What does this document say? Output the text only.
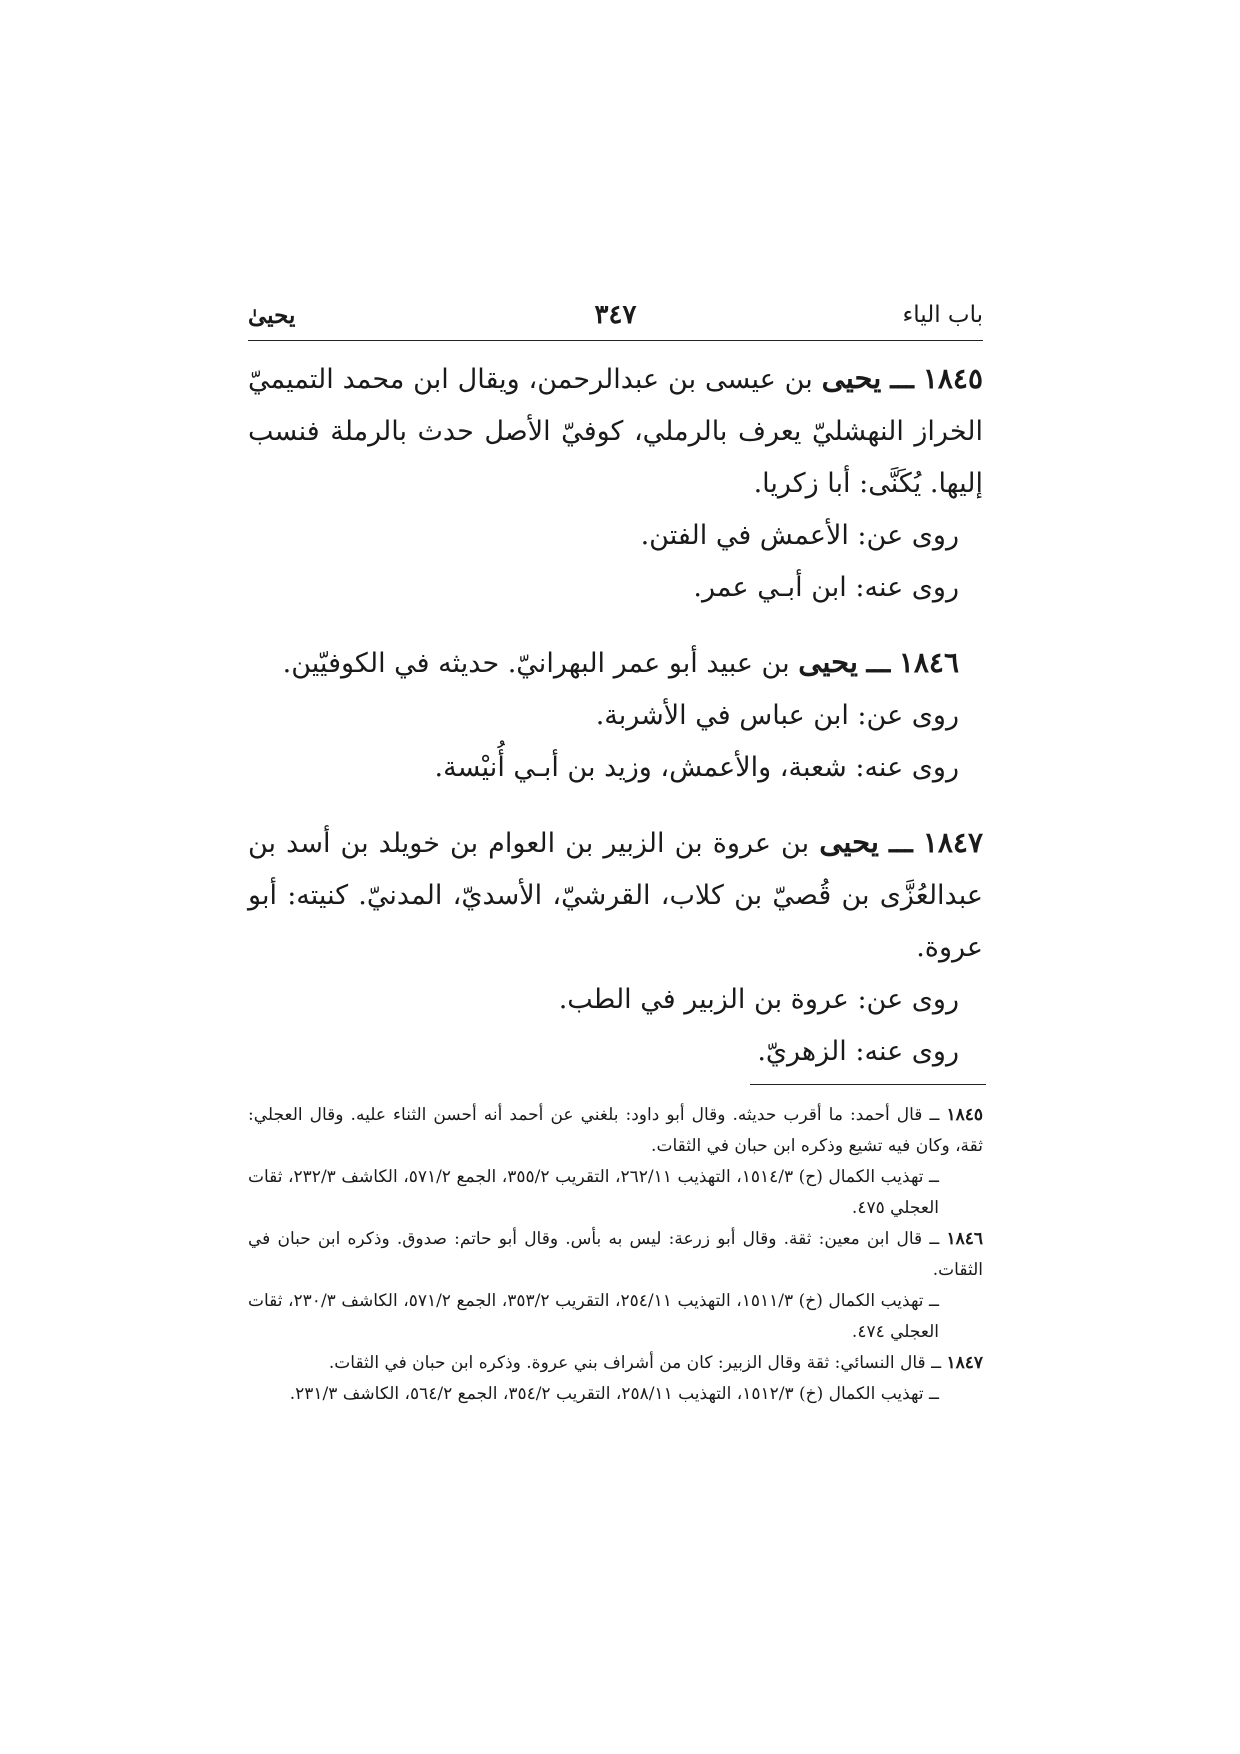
باب الياء
٣٤٧
يحيىٰ

١٨٤٥ ـــ يحيى بن عيسى بن عبدالرحمن، ويقال ابن محمد التميميّ الخراز النهشليّ يعرف بالرملي، كوفيّ الأصل حدث بالرملة فنسب إليها. يُكَنَّى: أبا زكريا.

روى عن: الأعمش في الفتن.

روى عنه: ابن أبـي عمر.

١٨٤٦ ـــ يحيى بن عبيد أبو عمر البهرانيّ. حديثه في الكوفيّين.

روى عن: ابن عباس في الأشربة.

روى عنه: شعبة، والأعمش، وزيد بن أبـي أُنيْسة.

١٨٤٧ ـــ يحيى بن عروة بن الزبير بن العوام بن خويلد بن أسد بن عبدالعُزَّى بن قُصيّ بن كلاب، القرشيّ، الأسديّ، المدنيّ. كنيته: أبو عروة.

روى عن: عروة بن الزبير في الطب.

روى عنه: الزهريّ.

١٨٤٥ ــ قال أحمد: ما أقرب حديثه. وقال أبو داود: بلغني عن أحمد أنه أحسن الثناء عليه. وقال العجلي: ثقة، وكان فيه تشيع وذكره ابن حبان في الثقات.

ــ تهذيب الكمال (ح) ١٥١٤/٣، التهذيب ٢٦٢/١١، التقريب ٣٥٥/٢، الجمع ٥٧١/٢، الكاشف ٢٣٢/٣، ثقات العجلي ٤٧٥.

١٨٤٦ ــ قال ابن معين: ثقة. وقال أبو زرعة: ليس به بأس. وقال أبو حاتم: صدوق. وذكره ابن حبان في الثقات.

ــ تهذيب الكمال (خ) ١٥١١/٣، التهذيب ٢٥٤/١١، التقريب ٣٥٣/٢، الجمع ٥٧١/٢، الكاشف ٢٣٠/٣، ثقات العجلي ٤٧٤.

١٨٤٧ ــ قال النسائي: ثقة وقال الزبير: كان من أشراف بني عروة. وذكره ابن حبان في الثقات.

ــ تهذيب الكمال (خ) ١٥١٢/٣، التهذيب ٢٥٨/١١، التقريب ٣٥٤/٢، الجمع ٥٦٤/٢، الكاشف ٢٣١/٣.
